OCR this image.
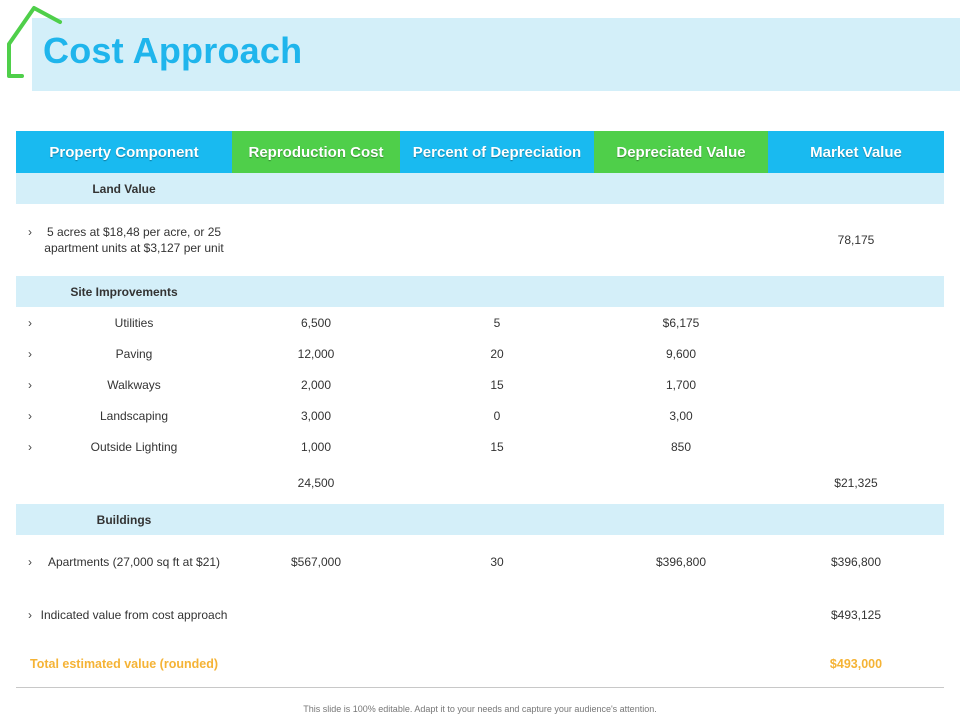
Cost Approach
Property Component	Reproduction Cost	Percent of Depreciation	Depreciated Value	Market Value
Land Value				

› 5 acres at $18,48 per acre, or 25 apartment units at $3,127 per unit				78,175
Site Improvements				

› Utilities	6,500	5	$6,175	

› Paving	12,000	20	9,600	

› Walkways	2,000	15	1,700	

› Landscaping	3,000	0	3,00	

› Outside Lighting	1,000	15	850	
	24,500			$21,325
Buildings				

› Apartments (27,000 sq ft at $21)	$567,000	30	$396,800	$396,800

› Indicated value from cost approach				$493,125
Total estimated value (rounded)				$493,000
This slide is 100% editable. Adapt it to your needs and capture your audience's attention.
